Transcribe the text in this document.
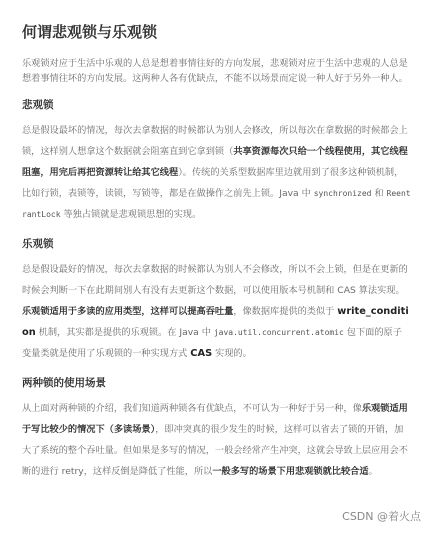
何谓悲观锁与乐观锁

乐观锁对应于生活中乐观的人总是想着事情往好的方向发展，悲观锁对应于生活中悲观的人总是想着事情往坏的方向发展。这两种人各有优缺点，不能不以场景而定说一种人好于另外一种人。

悲观锁

总是假设最坏的情况，每次去拿数据的时候都认为别人会修改，所以每次在拿数据的时候都会上锁，这样别人想拿这个数据就会阻塞直到它拿到锁（共享资源每次只给一个线程使用，其它线程阻塞，用完后再把资源转让给其它线程）。传统的关系型数据库里边就用到了很多这种锁机制，比如行锁，表锁等，读锁，写锁等，都是在做操作之前先上锁。Java 中 synchronized 和 ReentrantLock 等独占锁就是悲观锁思想的实现。

乐观锁

总是假设最好的情况，每次去拿数据的时候都认为别人不会修改，所以不会上锁，但是在更新的时候会判断一下在此期间别人有没有去更新这个数据，可以使用版本号机制和 CAS 算法实现。乐观锁适用于多读的应用类型，这样可以提高吞吐量，像数据库提供的类似于 write_condition 机制，其实都是提供的乐观锁。在 Java 中 java.util.concurrent.atomic 包下面的原子变量类就是使用了乐观锁的一种实现方式 CAS 实现的。

两种锁的使用场景

从上面对两种锁的介绍，我们知道两种锁各有优缺点，不可认为一种好于另一种，像乐观锁适用于写比较少的情况下（多读场景），即冲突真的很少发生的时候，这样可以省去了锁的开销，加大了系统的整个吞吐量。但如果是多写的情况，一般会经常产生冲突，这就会导致上层应用会不断的进行 retry，这样反倒是降低了性能，所以一般多写的场景下用悲观锁就比较合适。

CSDN @着火点
